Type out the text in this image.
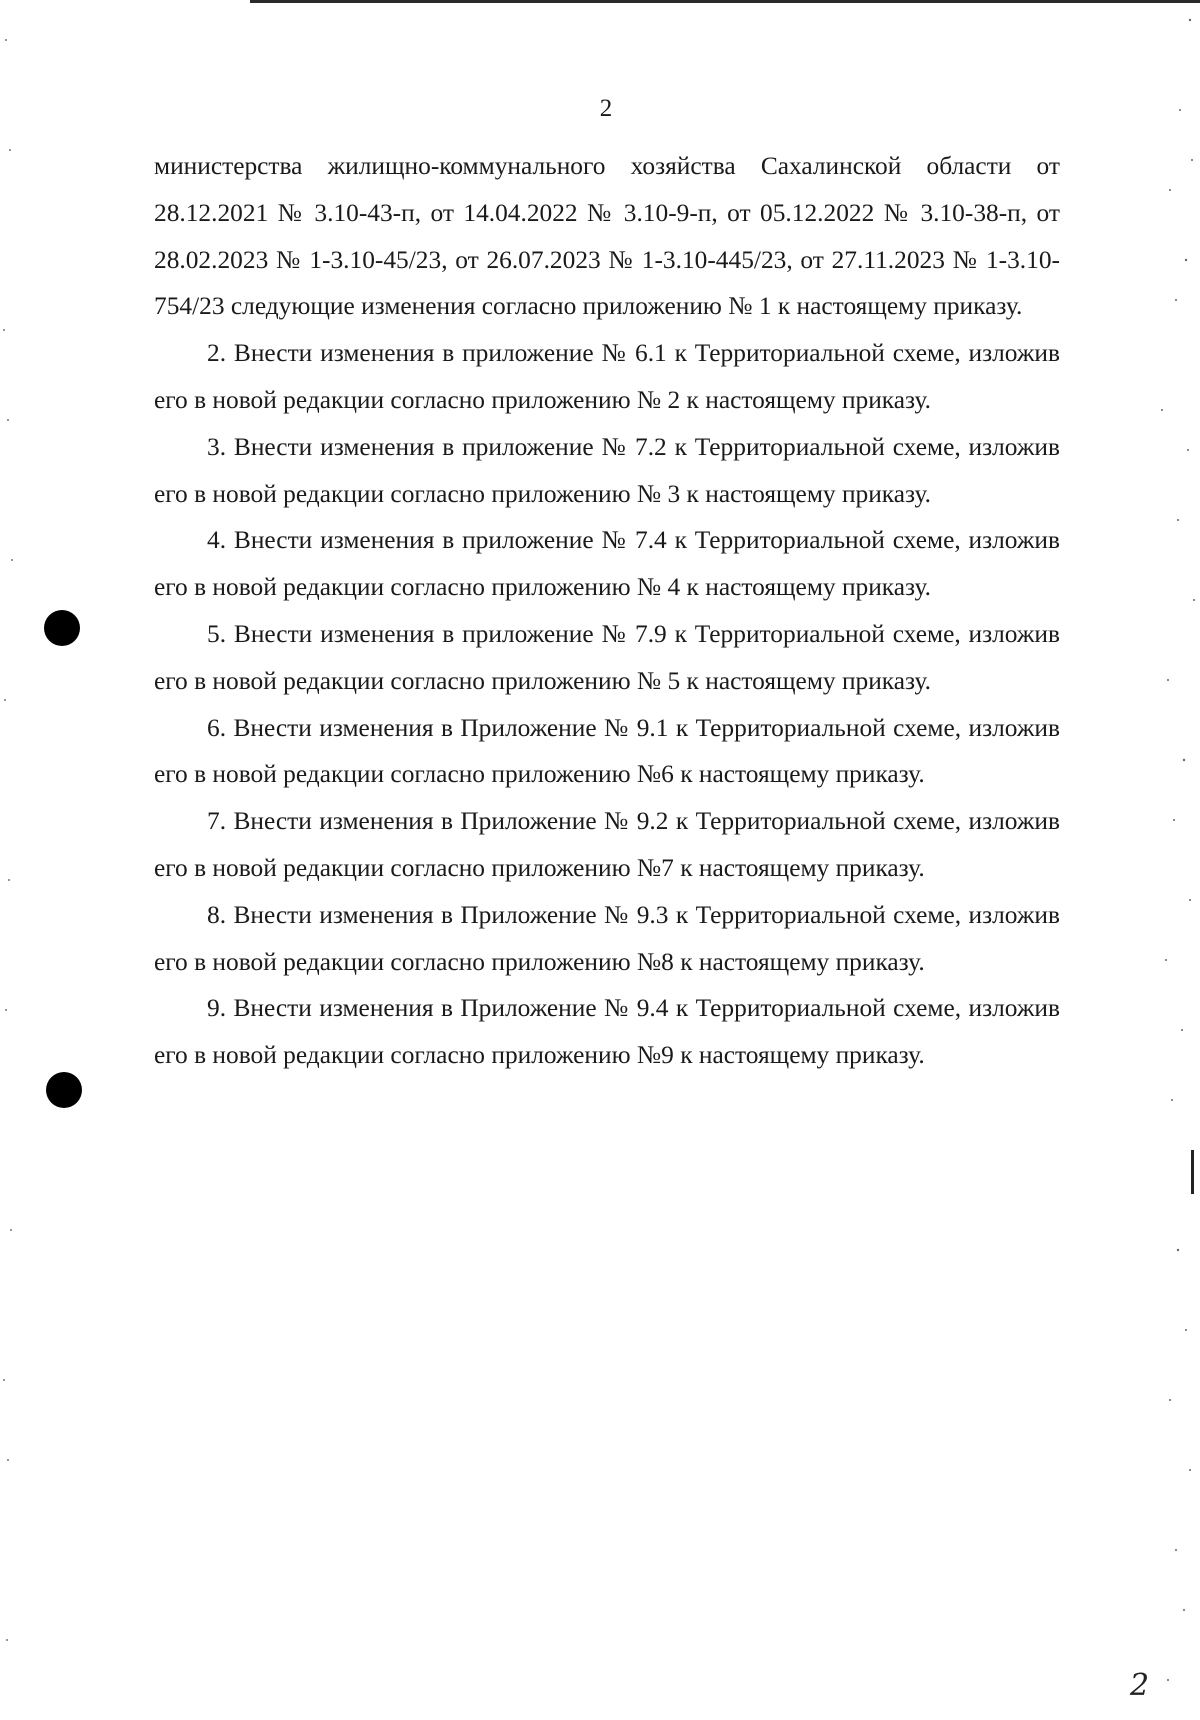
2

министерства жилищно-коммунального хозяйства Сахалинской области от 28.12.2021 № 3.10-43-п, от 14.04.2022 № 3.10-9-п, от 05.12.2022 № 3.10-38-п, от 28.02.2023 № 1-3.10-45/23, от 26.07.2023 № 1-3.10-445/23, от 27.11.2023 № 1-3.10-754/23 следующие изменения согласно приложению № 1 к настоящему приказу.

2. Внести изменения в приложение № 6.1 к Территориальной схеме, изложив его в новой редакции согласно приложению № 2 к настоящему приказу.

3. Внести изменения в приложение № 7.2 к Территориальной схеме, изложив его в новой редакции согласно приложению № 3 к настоящему приказу.

4. Внести изменения в приложение № 7.4 к Территориальной схеме, изложив его в новой редакции согласно приложению № 4 к настоящему приказу.

5. Внести изменения в приложение № 7.9 к Территориальной схеме, изложив его в новой редакции согласно приложению № 5 к настоящему приказу.

6. Внести изменения в Приложение № 9.1 к Территориальной схеме, изложив его в новой редакции согласно приложению №6 к настоящему приказу.

7. Внести изменения в Приложение № 9.2 к Территориальной схеме, изложив его в новой редакции согласно приложению №7 к настоящему приказу.

8. Внести изменения в Приложение № 9.3 к Территориальной схеме, изложив его в новой редакции согласно приложению №8 к настоящему приказу.

9. Внести изменения в Приложение № 9.4 к Территориальной схеме, изложив его в новой редакции согласно приложению №9 к настоящему приказу.

2
